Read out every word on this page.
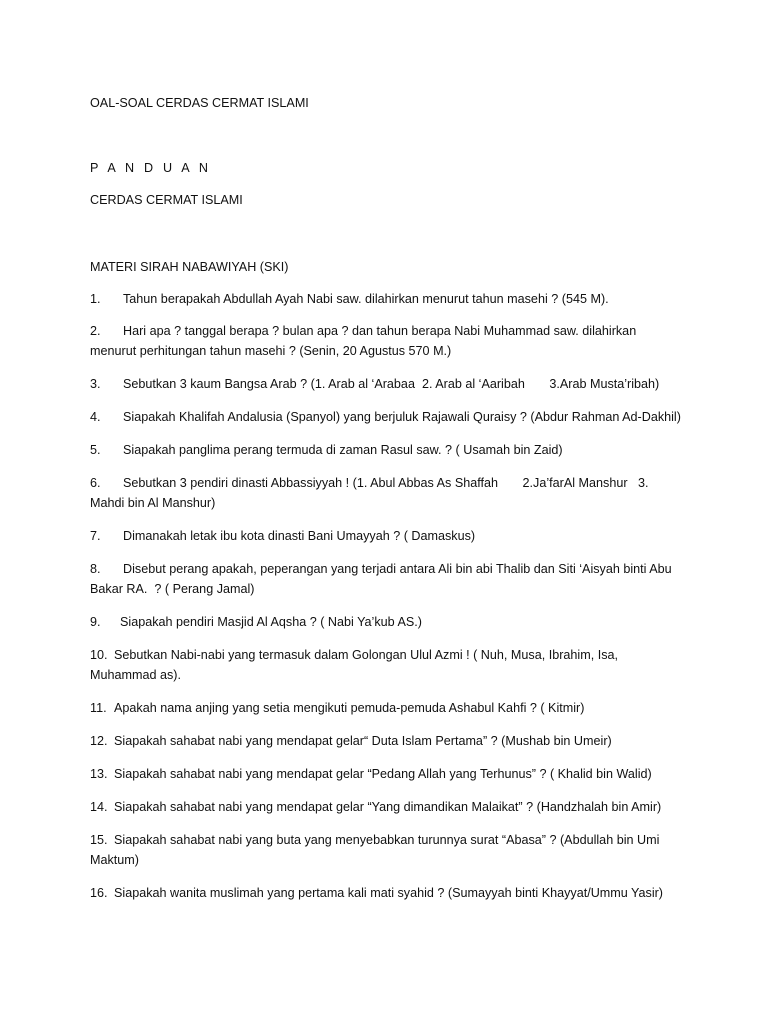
OAL-SOAL CERDAS CERMAT ISLAMI
P A N D U A N
CERDAS CERMAT ISLAMI
MATERI SIRAH NABAWIYAH (SKI)
1. Tahun berapakah Abdullah Ayah Nabi saw. dilahirkan menurut tahun masehi ? (545 M).
2. Hari apa ? tanggal berapa ? bulan apa ? dan tahun berapa Nabi Muhammad saw. dilahirkan
menurut perhitungan tahun masehi ? (Senin, 20 Agustus 570 M.)
3. Sebutkan 3 kaum Bangsa Arab ? (1. Arab al ‘Arabaa  2. Arab al ‘Aaribah       3.Arab Musta’ribah)
4. Siapakah Khalifah Andalusia (Spanyol) yang berjuluk Rajawali Quraisy ? (Abdur Rahman Ad-Dakhil)
5. Siapakah panglima perang termuda di zaman Rasul saw. ? ( Usamah bin Zaid)
6. Sebutkan 3 pendiri dinasti Abbassiyyah ! (1. Abul Abbas As Shaffah       2.Ja’farAl Manshur   3.
Mahdi bin Al Manshur)
7. Dimanakah letak ibu kota dinasti Bani Umayyah ? ( Damaskus)
8. Disebut perang apakah, peperangan yang terjadi antara Ali bin abi Thalib dan Siti ‘Aisyah binti Abu
Bakar RA.  ? ( Perang Jamal)
9. Siapakah pendiri Masjid Al Aqsha ? ( Nabi Ya’kub AS.)
10. Sebutkan Nabi-nabi yang termasuk dalam Golongan Ulul Azmi ! ( Nuh, Musa, Ibrahim, Isa,
Muhammad as).
11. Apakah nama anjing yang setia mengikuti pemuda-pemuda Ashabul Kahfi ? ( Kitmir)
12. Siapakah sahabat nabi yang mendapat gelar“ Duta Islam Pertama” ? (Mushab bin Umeir)
13. Siapakah sahabat nabi yang mendapat gelar “Pedang Allah yang Terhunus” ? ( Khalid bin Walid)
14. Siapakah sahabat nabi yang mendapat gelar “Yang dimandikan Malaikat” ? (Handzhalah bin Amir)
15. Siapakah sahabat nabi yang buta yang menyebabkan turunnya surat “Abasa” ? (Abdullah bin Umi
Maktum)
16. Siapakah wanita muslimah yang pertama kali mati syahid ? (Sumayyah binti Khayyat/Ummu Yasir)
